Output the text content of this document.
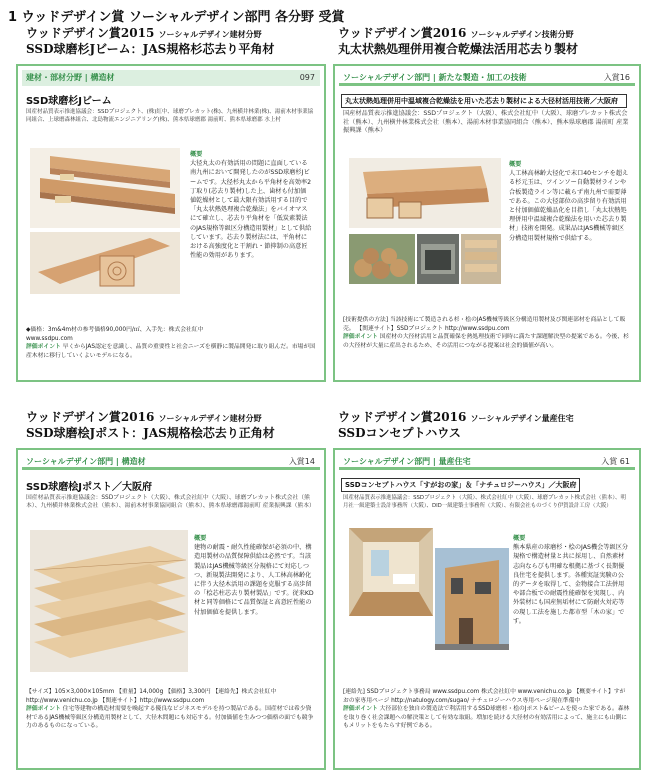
1 ウッドデザイン賞 ソーシャルデザイン部門 各分野 受賞
ウッドデザイン賞2015 ソーシャルデザイン建材分野
SSD球磨杉Jビーム：JAS規格杉芯去り平角材
建材・部材分野 | 構造材	097
SSD球磨杉Jビーム
国産材品質表示推進協議会：SSDプロジェクト、(株)紅中、球磨プレカット(株)、九州横井林業(株)、湯前木材事業協同組合、上球磨森林組合、北島物流エンジニアリング(株)、熊本県球磨郡 湯前町、熊本県球磨郡 水上村
概要
大径丸太の有効活用の問題に直面している南九州において開発したのがSSD球磨杉Jビームです。大径杉丸太から平角材を高効率2丁取り(芯去り製材)した上、歯材も付加価値乾燥材として最大限有効活用する目的で「丸太状熱処理複合乾燥法」をバイオマスにて確立し、芯去り平角材を「低炭素製法のJAS規格等級区分構造用製材」として供給しています。芯去り製材法には、平角材における高強度化と干割れ・節抑制の高意匠性能の効用があります。
◆価格：3m&4m材の参考価格90,000円/㎥、入手先：株式会社紅中
www.ssdpu.com
評価ポイント 早くからJAS認定を意識し、品質の重要性と社会ニーズを横静に製品開発に取り組んだ。市場が国産木材に移行していくよいモデルになる。
ウッドデザイン賞2016 ソーシャルデザイン技術分野
丸太状熱処理併用複合乾燥法活用芯去り製材
ソーシャルデザイン部門 | 新たな製造・加工の技術	入賞16
丸太状熱処理併用中温域複合乾燥法を用いた芯去り製材による大径材活用技術／大阪府
国産材品質表示推進協議会：SSDプロジェクト（大阪）、株式会社紅中（大阪）、球磨プレカット株式会社（熊本）、九州横井林業株式会社（熊本）、湯前木材事業協同組合（熊本）、熊本県球磨郡 湯前町 産業振興課（熊本）
概要
人工林高林齢大径化で末口40センチを超える杉元玉は、ツインソー自動製材ラインや合板製造ライン等に載らず南九州で需要薄である。この大径部位の高歩留り有効活用と付加価値乾燥品化を目指し「丸太状熱処理併用中温域複合乾燥法を用いた芯去り製材」技術を開発。成果品はJAS機械等級区分構造用製材規格で供給する。
[技術提供の方法] 当該技術にて製造される杉・桧のJAS機械等級区分構造用製材及び関連部材を商品として販売。 【関連サイト】SSDプロジェクト http://www.ssdpu.com
評価ポイント 国産材の大径材活用と品質確保を熱処理技術で同時に満たす課題解決型の提案である。今後、杉の大径材が大量に産出されるため、その活用につながる提案は社会的価値が高い。
ウッドデザイン賞2016 ソーシャルデザイン建材分野
SSD球磨桧Jポスト：JAS規格桧芯去り正角材
ソーシャルデザイン部門 | 構造材	入賞14
SSD球磨桧Jポスト／大阪府
国産材品質表示推進協議会：SSDプロジェクト（大阪）、株式会社紅中（大阪）、球磨プレカット株式会社（熊本）、九州横井林業株式会社（熊本）、湯前木材事業協同組合（熊本）、熊本県球磨郡湯前町 産業振興課（熊本）
概要
建物の耐震・耐久性能確保が必須の中、構造用製材の品質保障供給は必然です。当該製品はJAS機械等級区分規格にて対応しつつ、新規製法開発により、人工林高林齢化に伴う大径木活用の課題を克服する高歩留の「桧芯柱芯去り製材製品」です。従来KD材と同等価格にて品質保証と高意匠性能の付加価値を提供します。
【サイズ】105×3,000×105mm 【重量】14,000g 【価格】3,300円 【連絡先】株式会社紅中 http://www.venichu.co.jp 【関連サイト】http://www.ssdpu.com
評価ポイント 住宅等建物の構造材需要を喚起する優良なビジネスモデルを持つ製品である。国産材では希少資材であるJAS機械等級区分構造用製材として、大径木問題にも対応する。付加価値を生みつつ価格の面でも競争力のあるものになっている。
ウッドデザイン賞2016 ソーシャルデザイン量産住宅
SSDコンセプトハウス
ソーシャルデザイン部門 | 量産住宅	入賞 61
SSDコンセプトハウス「すがおの家」＆「ナチュロジーハウス」／大阪府
国産材品質表示推進協議会：SSDプロジェクト（大阪）、株式会社紅中（大阪）、球磨プレカット株式会社（熊本）、明月社一級建築士設計事務所（大阪）、DID一級建築士事務所（大阪）、有限会社ものづくり伊賀設計工房（大阪）
概要
熊本県産の球磨杉・桧のJAS機会等級区分規格で構造材量と共に採用し、自然素材志向ならびも明確な根拠に基づく長期優良住宅を提供します。各種実証実験の公的データを取得して、金物接合工法併用や部合板での耐震性能確保を実現し、内外装材にも国産無垢材にて防耐火対応等の現し工法を施した都市型「木の家」です。
[連絡先] SSDプロジェクト事務局 www.ssdpu.com 株式会社紅中 www.venichu.co.jp 【概要サイト】すがおの家専用ページ http://natulogy.com/sugao/ ナチュロジーハウス専用ページ現在準備中
評価ポイント 大径部位を独自の製造法で利活用するSSD球磨杉・桧のJポスト&ビームを使った家である。森林を取り巻く社会課題への解決策として有効な取組。増加を続ける大径材の有効活用によって、施主にも山側にもメリットをもたらす好例である。
